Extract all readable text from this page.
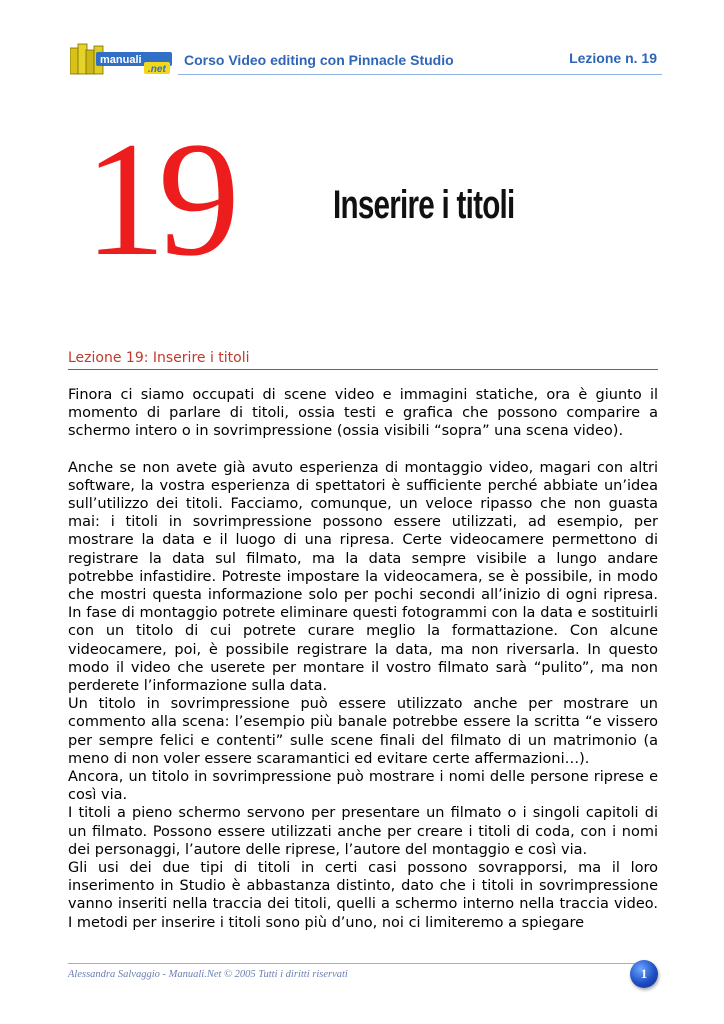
manuali
.net
Corso Video editing con Pinnacle Studio	Lezione n. 19
19	Inserire i titoli
Lezione 19: Inserire i titoli

Finora ci siamo occupati di scene video e immagini statiche, ora è giunto il momento di parlare di titoli, ossia testi e grafica che possono comparire a schermo intero o in sovrimpressione (ossia visibili “sopra” una scena video).

Anche se non avete già avuto esperienza di montaggio video, magari con altri software, la vostra esperienza di spettatori è sufficiente perché abbiate un’idea sull’utilizzo dei titoli. Facciamo, comunque, un veloce ripasso che non guasta mai: i titoli in sovrimpressione possono essere utilizzati, ad esempio, per mostrare la data e il luogo di una ripresa. Certe videocamere permettono di registrare la data sul filmato, ma la data sempre visibile a lungo andare potrebbe infastidire. Potreste impostare la videocamera, se è possibile, in modo che mostri questa informazione solo per pochi secondi all’inizio di ogni ripresa. In fase di montaggio potrete eliminare questi fotogrammi con la data e sostituirli con un titolo di cui potrete curare meglio la formattazione. Con alcune videocamere, poi, è possibile registrare la data, ma non riversarla. In questo modo il video che userete per montare il vostro filmato sarà “pulito”, ma non perderete l’informazione sulla data.

Un titolo in sovrimpressione può essere utilizzato anche per mostrare un commento alla scena: l’esempio più banale potrebbe essere la scritta “e vissero per sempre felici e contenti” sulle scene finali del filmato di un matrimonio (a meno di non voler essere scaramantici ed evitare certe affermazioni…).

Ancora, un titolo in sovrimpressione può mostrare i nomi delle persone riprese e così via.

I titoli a pieno schermo servono per presentare un filmato o i singoli capitoli di un filmato. Possono essere utilizzati anche per creare i titoli di coda, con i nomi dei personaggi, l’autore delle riprese, l’autore del montaggio e così via.

Gli usi dei due tipi di titoli in certi casi possono sovrapporsi, ma il loro inserimento in Studio è abbastanza distinto, dato che i titoli in sovrimpressione vanno inseriti nella traccia dei titoli, quelli a schermo interno nella traccia video. I metodi per inserire i titoli sono più d’uno, noi ci limiteremo a spiegare

Alessandra Salvaggio - Manuali.Net © 2005 Tutti i diritti riservati	1
